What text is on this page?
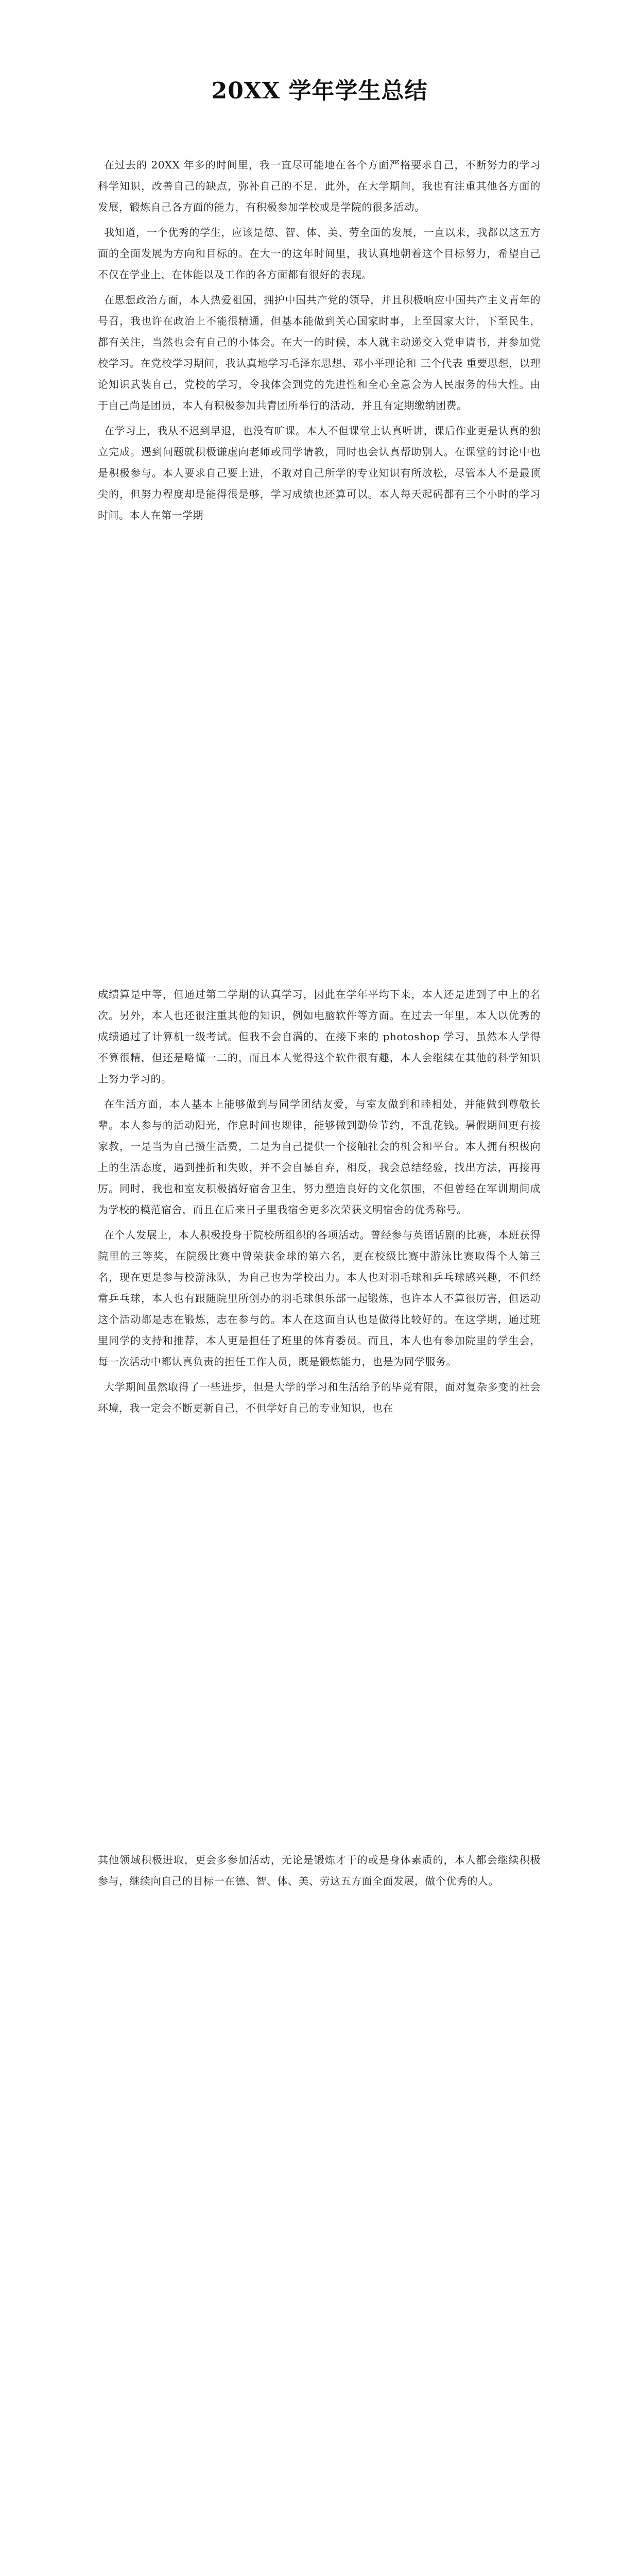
20XX 学年学生总结

在过去的 20XX 年多的时间里，我一直尽可能地在各个方面严格要求自己，不断努力的学习科学知识，改善自己的缺点，弥补自己的不足．此外，在大学期间，我也有注重其他各方面的发展，锻炼自己各方面的能力，有积极参加学校或是学院的很多活动。

我知道，一个优秀的学生，应该是德、智、体、美、劳全面的发展，一直以来，我都以这五方面的全面发展为方向和目标的。在大一的这年时间里，我认真地朝着这个目标努力，希望自己不仅在学业上，在体能以及工作的各方面都有很好的表现。

在思想政治方面，本人热爱祖国，拥护中国共产党的领导，并且积极响应中国共产主义青年的号召，我也许在政治上不能很精通，但基本能做到关心国家时事，上至国家大计，下至民生，都有关注，当然也会有自己的小体会。在大一的时候，本人就主动递交入党申请书，并参加党校学习。在党校学习期间，我认真地学习毛泽东思想、邓小平理论和 三个代表 重要思想，以理论知识武装自己，党校的学习，令我体会到党的先进性和全心全意会为人民服务的伟大性。由于自己尚是团员，本人有积极参加共青团所举行的活动，并且有定期缴纳团费。

在学习上，我从不迟到早退，也没有旷课。本人不但课堂上认真听讲，课后作业更是认真的独立完成。遇到问题就积极谦虚向老师或同学请教，同时也会认真帮助别人。在课堂的讨论中也是积极参与。本人要求自己要上进，不敢对自己所学的专业知识有所放松，尽管本人不是最顶尖的，但努力程度却是能得很是够，学习成绩也还算可以。本人每天起码都有三个小时的学习时间。本人在第一学期

成绩算是中等，但通过第二学期的认真学习，因此在学年平均下来，本人还是进到了中上的名次。另外，本人也还很注重其他的知识，例如电脑软件等方面。在过去一年里，本人以优秀的成绩通过了计算机一级考试。但我不会自满的，在接下来的 photoshop 学习，虽然本人学得不算很精，但还是略懂一二的，而且本人觉得这个软件很有趣，本人会继续在其他的科学知识上努力学习的。

在生活方面，本人基本上能够做到与同学团结友爱，与室友做到和睦相处，并能做到尊敬长辈。本人参与的活动阳光，作息时间也规律，能够做到勤俭节约，不乱花钱。暑假期间更有接家教，一是当为自己攒生活费，二是为自己提供一个接触社会的机会和平台。本人拥有积极向上的生活态度，遇到挫折和失败，并不会自暴自弃，相反，我会总结经验，找出方法，再接再厉。同时，我也和室友积极搞好宿舍卫生，努力塑造良好的文化氛围，不但曾经在军训期间成为学校的模范宿舍，而且在后来日子里我宿舍更多次荣获文明宿舍的优秀称号。

在个人发展上，本人积极投身于院校所组织的各项活动。曾经参与英语话剧的比赛，本班获得院里的三等奖，在院级比赛中曾荣获金球的第六名，更在校级比赛中游泳比赛取得个人第三名，现在更是参与校游泳队，为自己也为学校出力。本人也对羽毛球和乒乓球感兴趣，不但经常乒乓球，本人也有跟随院里所创办的羽毛球俱乐部一起锻炼，也许本人不算很厉害，但运动这个活动都是志在锻炼，志在参与的。本人在这面自认也是做得比较好的。在这学期，通过班里同学的支持和推荐，本人更是担任了班里的体育委员。而且，本人也有参加院里的学生会，每一次活动中都认真负责的担任工作人员，既是锻炼能力，也是为同学服务。

大学期间虽然取得了一些进步，但是大学的学习和生活给予的毕竟有限，面对复杂多变的社会环境，我一定会不断更新自己，不但学好自己的专业知识，也在

其他领域积极进取，更会多参加活动，无论是锻炼才干的或是身体素质的，本人都会继续积极参与，继续向自己的目标一在德、智、体、美、劳这五方面全面发展，做个优秀的人。
